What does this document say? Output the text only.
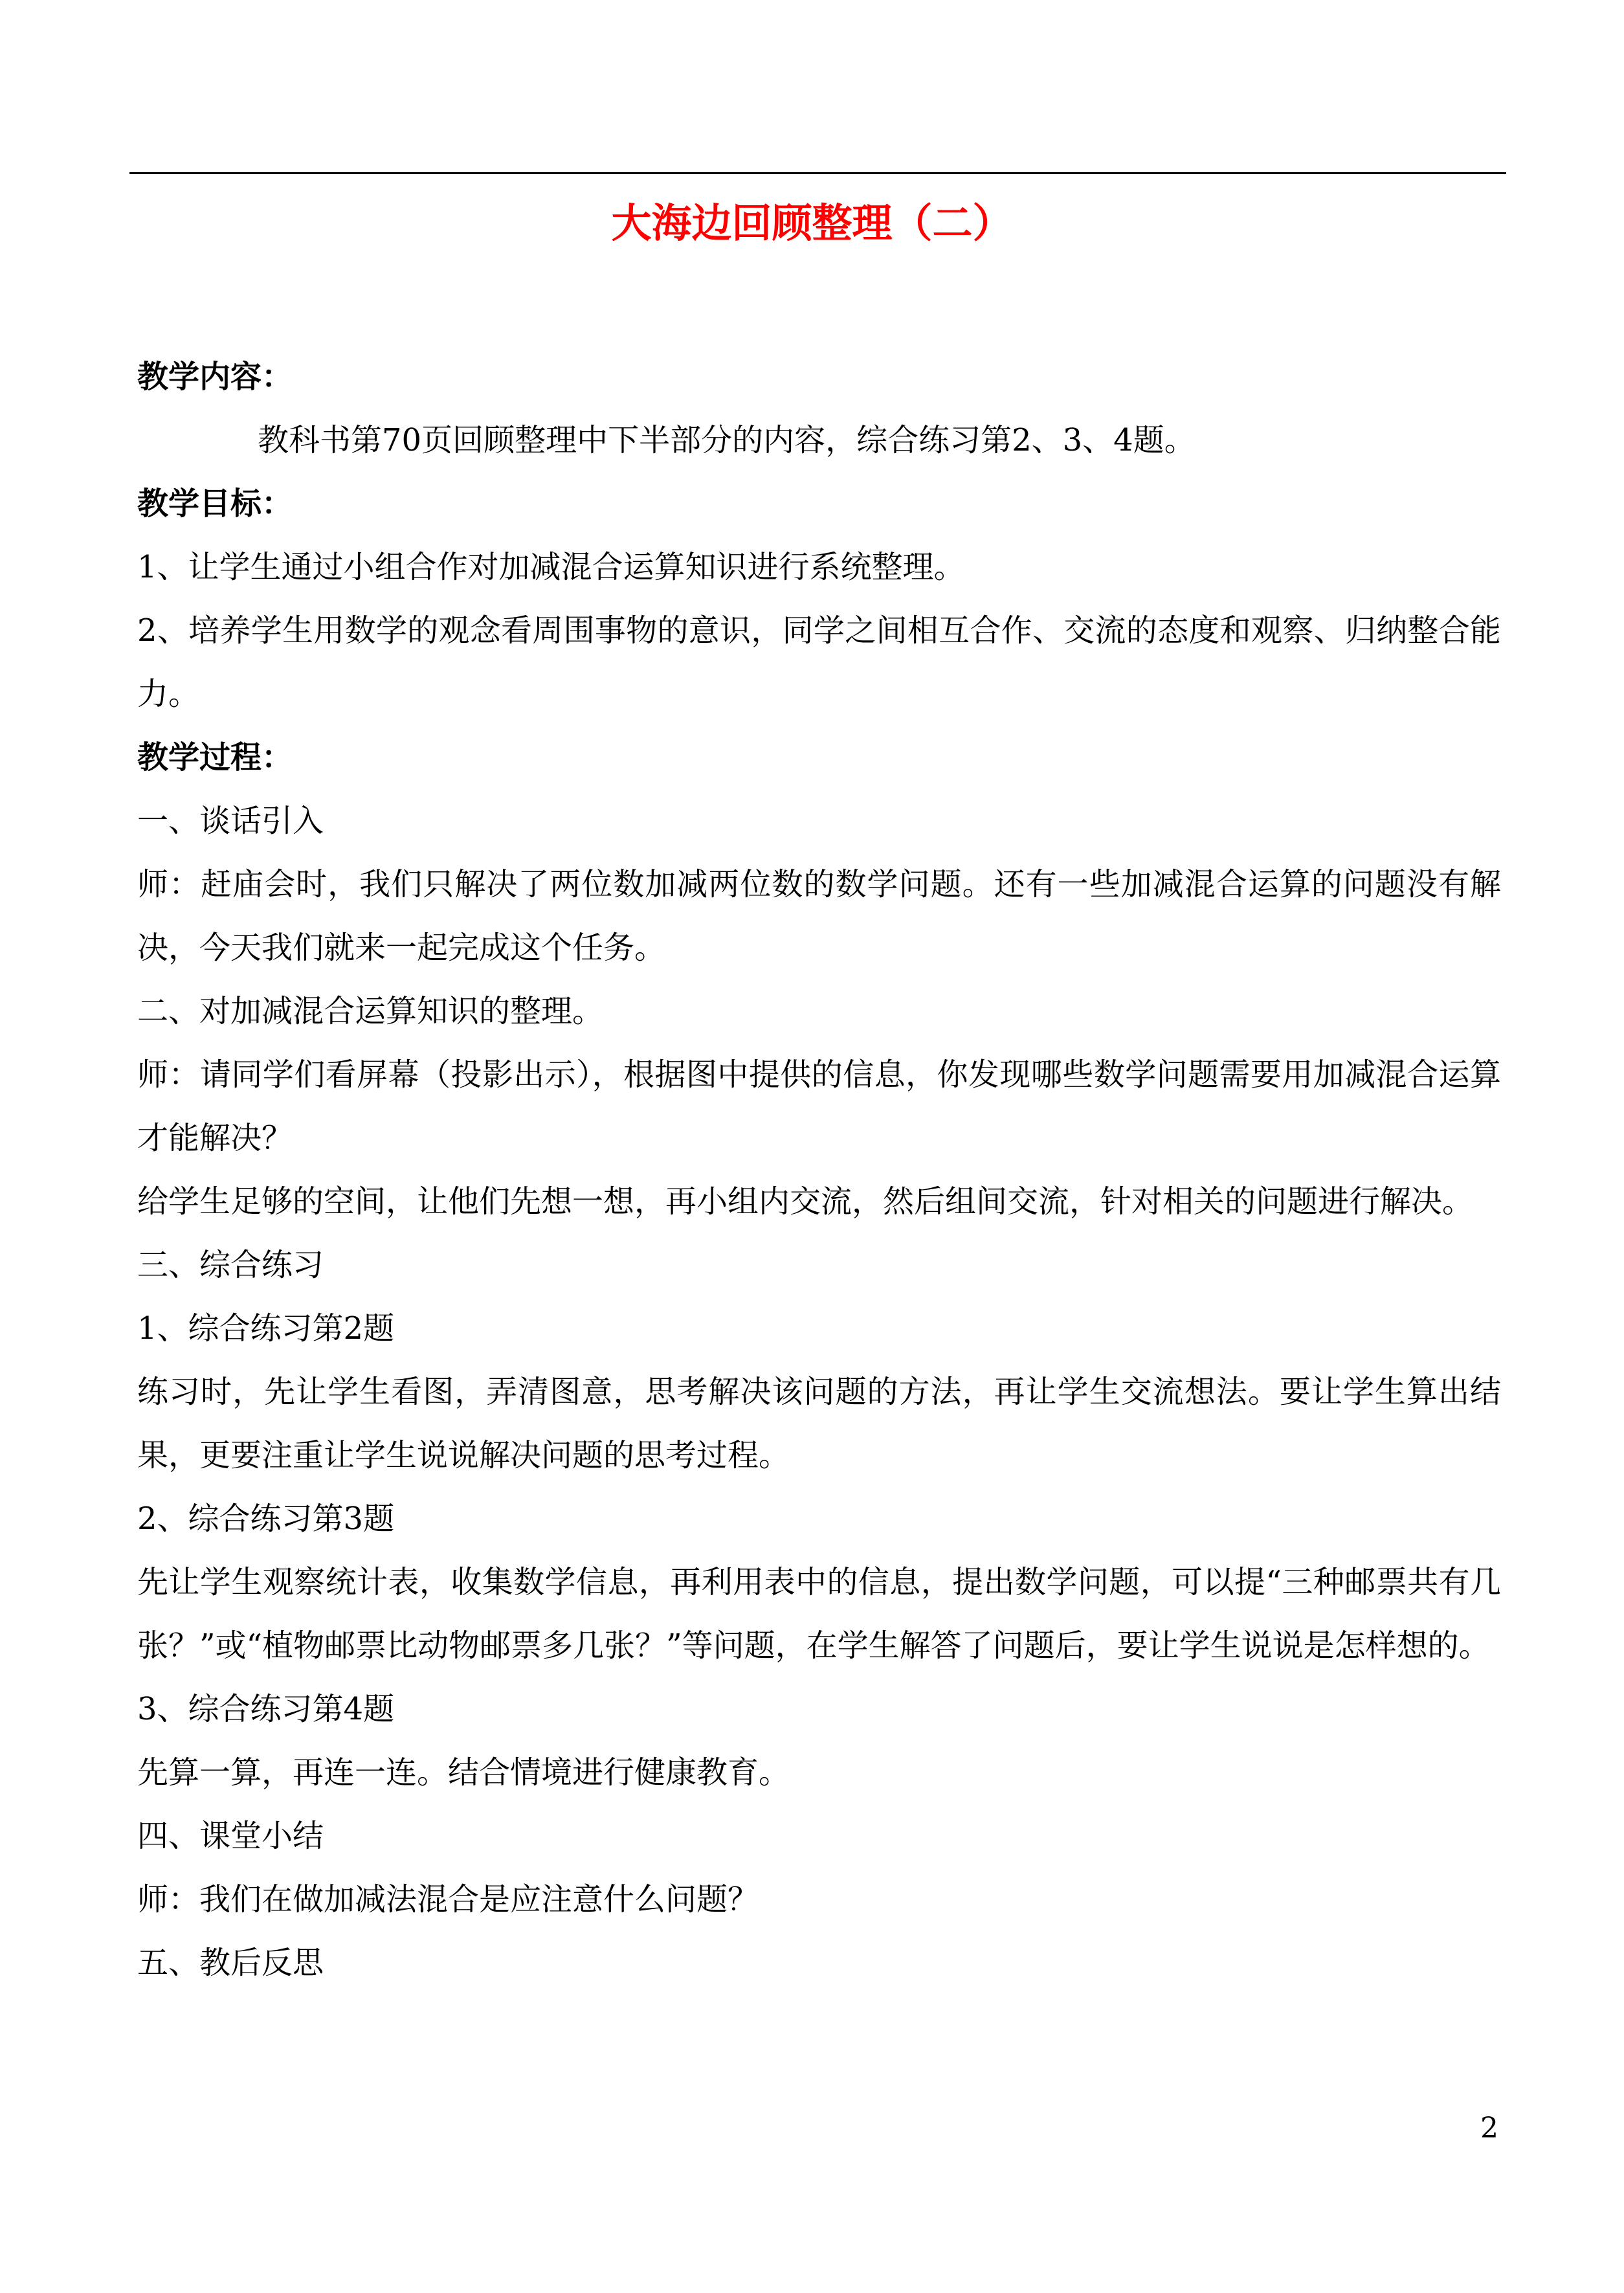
大海边回顾整理（二）

教学内容：

教科书第70页回顾整理中下半部分的内容，综合练习第2、3、4题。

教学目标：

1、让学生通过小组合作对加减混合运算知识进行系统整理。

2、培养学生用数学的观念看周围事物的意识，同学之间相互合作、交流的态度和观察、归纳整合能力。

教学过程：

一、谈话引入

师：赶庙会时，我们只解决了两位数加减两位数的数学问题。还有一些加减混合运算的问题没有解决，今天我们就来一起完成这个任务。

二、对加减混合运算知识的整理。

师：请同学们看屏幕（投影出示），根据图中提供的信息，你发现哪些数学问题需要用加减混合运算才能解决？

给学生足够的空间，让他们先想一想，再小组内交流，然后组间交流，针对相关的问题进行解决。

三、综合练习

1、综合练习第2题

练习时，先让学生看图，弄清图意，思考解决该问题的方法，再让学生交流想法。要让学生算出结果，更要注重让学生说说解决问题的思考过程。

2、综合练习第3题

先让学生观察统计表，收集数学信息，再利用表中的信息，提出数学问题，可以提“三种邮票共有几张？”或“植物邮票比动物邮票多几张？”等问题，在学生解答了问题后，要让学生说说是怎样想的。

3、综合练习第4题

先算一算，再连一连。结合情境进行健康教育。

四、课堂小结

师：我们在做加减法混合是应注意什么问题？

五、教后反思

2
